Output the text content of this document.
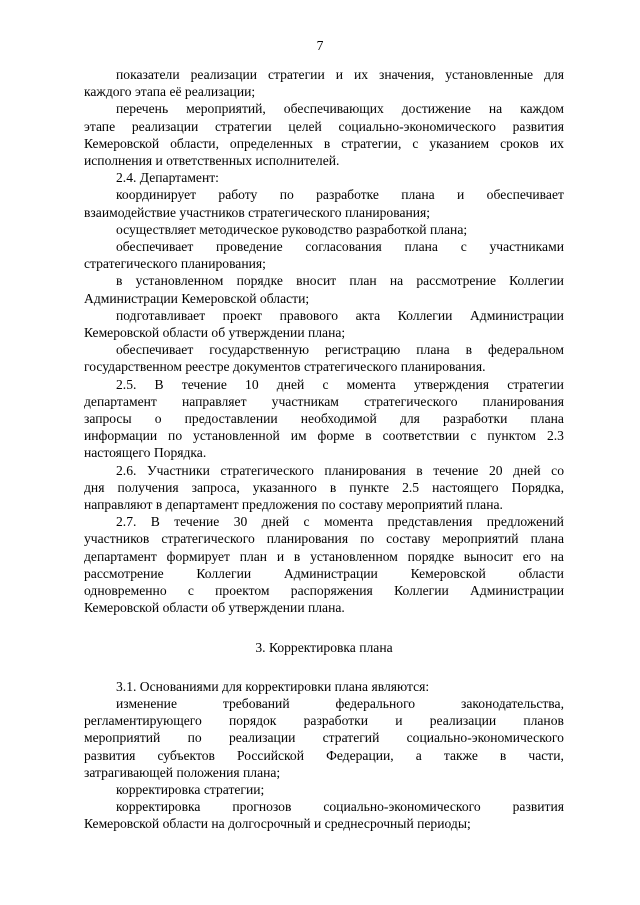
7
показатели реализации стратегии и их значения, установленные для
каждого этапа её реализации;
перечень мероприятий, обеспечивающих достижение на каждом
этапе реализации стратегии целей социально-экономического развития
Кемеровской области, определенных в стратегии, с указанием сроков их
исполнения и ответственных исполнителей.
2.4. Департамент:
координирует работу по разработке плана и обеспечивает
взаимодействие участников стратегического планирования;
осуществляет методическое руководство разработкой плана;
обеспечивает проведение согласования плана с участниками
стратегического планирования;
в установленном порядке вносит план на рассмотрение Коллегии
Администрации Кемеровской области;
подготавливает проект правового акта Коллегии Администрации
Кемеровской области об утверждении плана;
обеспечивает государственную регистрацию плана в федеральном
государственном реестре документов стратегического планирования.
2.5. В течение 10 дней с момента утверждения стратегии
департамент направляет участникам стратегического планирования
запросы о предоставлении необходимой для разработки плана
информации по установленной им форме в соответствии с пунктом 2.3
настоящего Порядка.
2.6. Участники стратегического планирования в течение 20 дней со
дня получения запроса, указанного в пункте 2.5 настоящего Порядка,
направляют в департамент предложения по составу мероприятий плана.
2.7. В течение 30 дней с момента представления предложений
участников стратегического планирования по составу мероприятий плана
департамент формирует план и в установленном порядке выносит его на
рассмотрение Коллегии Администрации Кемеровской области
одновременно с проектом распоряжения Коллегии Администрации
Кемеровской области об утверждении плана.
3. Корректировка плана
3.1. Основаниями для корректировки плана являются:
изменение	требований	федерального	законодательства,
регламентирующего порядок разработки и реализации планов
мероприятий по реализации стратегий социально-экономического
развития субъектов Российской Федерации, а также в части,
затрагивающей положения плана;
корректировка стратегии;
корректировка прогнозов социально-экономического развития
Кемеровской области на долгосрочный и среднесрочный периоды;
